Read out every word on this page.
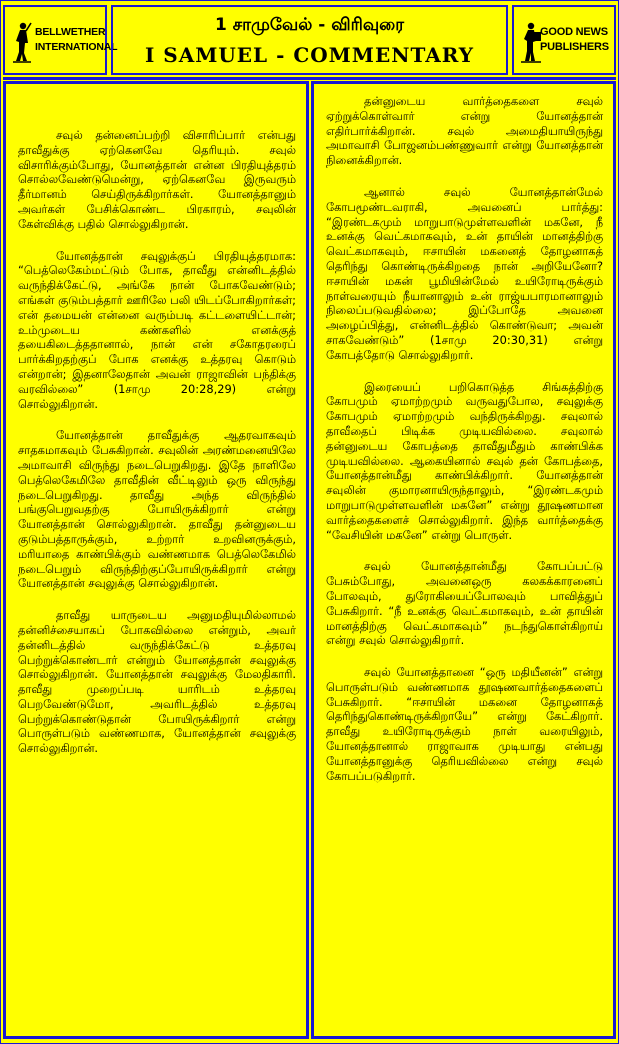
BELLWETHER
INTERNATIONAL
1 சாமுவேல் - விரிவுரை
I SAMUEL - COMMENTARY
GOOD NEWS
PUBLISHERS

சவுல் தன்னைப்பற்றி விசாரிப்பார் என்பது தாவீதுக்கு ஏற்கெனவே தெரியும். சவுல் விசாரிக்கும்போது, யோனத்தான் என்ன பிரதியுத்தரம் சொல்லவேண்டுமென்று, ஏற்கெனவே இருவரும் தீர்மானம் செய்திருக்கிறார்கள். யோனத்தானும் அவர்கள் பேசிக்கொண்ட பிரகாரம், சவுலின் கேள்விக்கு பதில் சொல்லுகிறான்.

யோனத்தான் சவுலுக்குப் பிரதியுத்தரமாக: “பெத்லெகேம்மட்டும் போக, தாவீது என்னிடத்தில் வருந்திக்கேட்டு, அங்கே நான் போகவேண்டும்; எங்கள் குடும்பத்தார் ஊரிலே பலி யிடப்போகிறார்கள்; என் தமையன் என்னை வரும்படி கட்டளையிட்டான்; உம்முடைய கண்களில் எனக்குத் தயைகிடைத்ததானால், நான் என் சகோதரரைப் பார்க்கிறதற்குப் போக எனக்கு உத்தரவு கொடும் என்றான்; இதனாலேதான் அவன் ராஜாவின் பந்திக்கு வரவில்லை” (1சாமு 20:28,29) என்று சொல்லுகிறான்.

யோனத்தான் தாவீதுக்கு ஆதரவாகவும் சாதகமாகவும் பேசுகிறான். சவுலின் அரண்மனையிலே அமாவாசி விருந்து நடைபெறுகிறது. இதே நாளிலே பெத்லெகேமிலே தாவீதின் வீட்டிலும் ஒரு விருந்து நடைபெறுகிறது. தாவீது அந்த விருந்தில் பங்குபெறுவதற்கு போயிருக்கிறார் என்று யோனத்தான் சொல்லுகிறான். தாவீது தன்னுடைய குடும்பத்தாருக்கும், உற்றார் உறவினருக்கும், மரியாதை காண்பிக்கும் வண்ணமாக பெத்லெகேமில் நடைபெறும் விருந்திற்குப்போயிருக்கிறார் என்று யோனத்தான் சவுலுக்கு சொல்லுகிறான்.

தாவீது யாருடைய அனுமதியுமில்லாமல் தன்னிச்சையாகப் போகவில்லை என்றும், அவர் தன்னிடத்தில் வருந்திக்கேட்டு உத்தரவு பெற்றுக்கொண்டார் என்றும் யோனத்தான் சவுலுக்கு சொல்லுகிறான். யோனத்தான் சவுலுக்கு மேலதிகாரி. தாவீது முறைப்படி யாரிடம் உத்தரவு பெறவேண்டுமோ, அவரிடத்தில் உத்தரவு பெற்றுக்கொண்டுதான் போயிருக்கிறார் என்று பொருள்படும் வண்ணமாக, யோனத்தான் சவுலுக்கு சொல்லுகிறான்.

தன்னுடைய வார்த்தைகளை சவுல் ஏற்றுக்கொள்வார் என்று யோனத்தான் எதிர்பார்க்கிறான். சவுல் அமைதியாயிருந்து அமாவாசி போஜனம்பண்ணுவார் என்று யோனத்தான் நினைக்கிறான்.

ஆனால் சவுல் யோனத்தான்மேல் கோபமூண்டவராகி, அவனைப் பார்த்து: “இரண்டகமும் மாறுபாடுமுள்ளவளின் மகனே, நீ உனக்கு வெட்கமாகவும், உன் தாயின் மானத்திற்கு வெட்கமாகவும், ஈசாயின் மகனைத் தோழனாகத் தெரிந்து கொண்டிருக்கிறதை நான் அறியேனோ? ஈசாயின் மகன் பூமியின்மேல் உயிரோடிருக்கும் நாள்வரையும் நீயானாலும் உன் ராஜ்யபாரமானாலும் நிலைப்படுவதில்லை; இப்போதே அவனை அழைப்பித்து, என்னிடத்தில் கொண்டுவா; அவன் சாகவேண்டும்” (1சாமு 20:30,31) என்று கோபத்தோடு சொல்லுகிறார்.

இரையைப் பறிகொடுத்த சிங்கத்திற்கு கோபமும் ஏமாற்றமும் வருவதுபோல, சவுலுக்கு கோபமும் ஏமாற்றமும் வந்திருக்கிறது. சவுலால் தாவீதைப் பிடிக்க முடியவில்லை. சவுலால் தன்னுடைய கோபத்தை தாவீதுமீதும் காண்பிக்க முடியவில்லை. ஆகையினால் சவுல் தன் கோபத்தை, யோனத்தான்மீது காண்பிக்கிறார். யோனத்தான் சவுலின் குமாரனாயிருந்தாலும், “இரண்டகமும் மாறுபாடுமுள்ளவளின் மகனே” என்று தூஷணமான வார்த்தைகளைச் சொல்லுகிறார். இந்த வார்த்தைக்கு “வேசியின் மகனே” என்று பொருள்.

சவுல் யோனத்தான்மீது கோபப்பட்டு பேசும்போது, அவனைஒரு கலகக்காரனைப் போலவும், துரோகியைப்போலவும் பாவித்துப் பேசுகிறார். “நீ உனக்கு வெட்கமாகவும், உன் தாயின் மானத்திற்கு வெட்கமாகவும்” நடந்துகொள்கிறாய் என்று சவுல் சொல்லுகிறார்.

சவுல் யோனத்தானை “ஒரு மதியீனன்” என்று பொருள்படும் வண்ணமாக தூஷணவார்த்தைகளைப் பேசுகிறார். “ஈசாயின் மகனை தோழனாகத் தெரிந்துகொண்டிருக்கிறாயே” என்று கேட்கிறார். தாவீது உயிரோடிருக்கும் நாள் வரையிலும், யோனத்தானால் ராஜாவாக முடியாது என்பது யோனத்தானுக்கு தெரியவில்லை என்று சவுல் கோபப்படுகிறார்.
